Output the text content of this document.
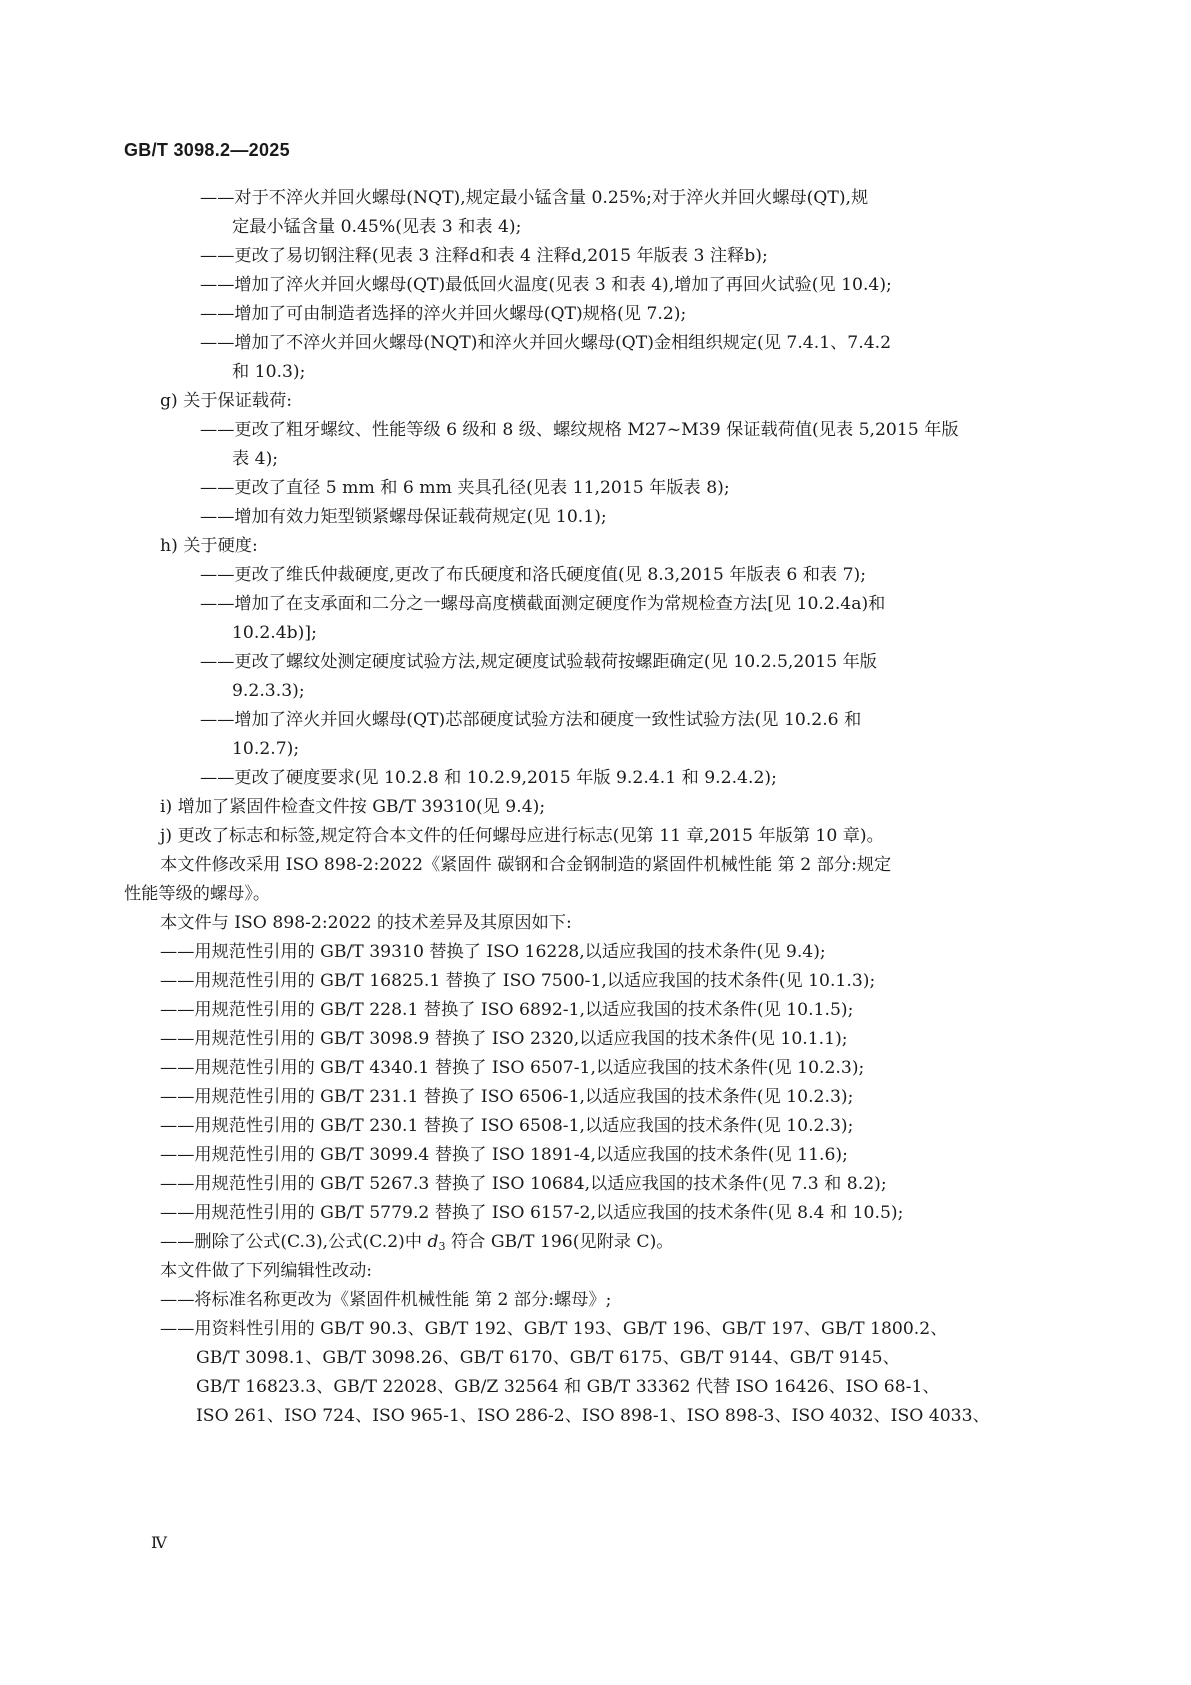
GB/T 3098.2—2025
——对于不淬火并回火螺母(NQT),规定最小锰含量 0.25%;对于淬火并回火螺母(QT),规
定最小锰含量 0.45%(见表 3 和表 4);
——更改了易切钢注释(见表 3 注释d和表 4 注释d,2015 年版表 3 注释b);
——增加了淬火并回火螺母(QT)最低回火温度(见表 3 和表 4),增加了再回火试验(见 10.4);
——增加了可由制造者选择的淬火并回火螺母(QT)规格(见 7.2);
——增加了不淬火并回火螺母(NQT)和淬火并回火螺母(QT)金相组织规定(见 7.4.1、7.4.2
和 10.3);
g) 关于保证载荷:
——更改了粗牙螺纹、性能等级 6 级和 8 级、螺纹规格 M27~M39 保证载荷值(见表 5,2015 年版
表 4);
——更改了直径 5 mm 和 6 mm 夹具孔径(见表 11,2015 年版表 8);
——增加有效力矩型锁紧螺母保证载荷规定(见 10.1);
h) 关于硬度:
——更改了维氏仲裁硬度,更改了布氏硬度和洛氏硬度值(见 8.3,2015 年版表 6 和表 7);
——增加了在支承面和二分之一螺母高度横截面测定硬度作为常规检查方法[见 10.2.4a)和
10.2.4b)];
——更改了螺纹处测定硬度试验方法,规定硬度试验载荷按螺距确定(见 10.2.5,2015 年版
9.2.3.3);
——增加了淬火并回火螺母(QT)芯部硬度试验方法和硬度一致性试验方法(见 10.2.6 和
10.2.7);
——更改了硬度要求(见 10.2.8 和 10.2.9,2015 年版 9.2.4.1 和 9.2.4.2);
i) 增加了紧固件检查文件按 GB/T 39310(见 9.4);
j) 更改了标志和标签,规定符合本文件的任何螺母应进行标志(见第 11 章,2015 年版第 10 章)。
本文件修改采用 ISO 898-2:2022《紧固件 碳钢和合金钢制造的紧固件机械性能 第 2 部分:规定
性能等级的螺母》。
本文件与 ISO 898-2:2022 的技术差异及其原因如下:
——用规范性引用的 GB/T 39310 替换了 ISO 16228,以适应我国的技术条件(见 9.4);
——用规范性引用的 GB/T 16825.1 替换了 ISO 7500-1,以适应我国的技术条件(见 10.1.3);
——用规范性引用的 GB/T 228.1 替换了 ISO 6892-1,以适应我国的技术条件(见 10.1.5);
——用规范性引用的 GB/T 3098.9 替换了 ISO 2320,以适应我国的技术条件(见 10.1.1);
——用规范性引用的 GB/T 4340.1 替换了 ISO 6507-1,以适应我国的技术条件(见 10.2.3);
——用规范性引用的 GB/T 231.1 替换了 ISO 6506-1,以适应我国的技术条件(见 10.2.3);
——用规范性引用的 GB/T 230.1 替换了 ISO 6508-1,以适应我国的技术条件(见 10.2.3);
——用规范性引用的 GB/T 3099.4 替换了 ISO 1891-4,以适应我国的技术条件(见 11.6);
——用规范性引用的 GB/T 5267.3 替换了 ISO 10684,以适应我国的技术条件(见 7.3 和 8.2);
——用规范性引用的 GB/T 5779.2 替换了 ISO 6157-2,以适应我国的技术条件(见 8.4 和 10.5);
——删除了公式(C.3),公式(C.2)中 $d_3$ 符合 GB/T 196(见附录 C)。
本文件做了下列编辑性改动:
——将标准名称更改为《紧固件机械性能 第 2 部分:螺母》;
——用资料性引用的 GB/T 90.3、GB/T 192、GB/T 193、GB/T 196、GB/T 197、GB/T 1800.2、
GB/T 3098.1、GB/T 3098.26、GB/T 6170、GB/T 6175、GB/T 9144、GB/T 9145、
GB/T 16823.3、GB/T 22028、GB/Z 32564 和 GB/T 33362 代替 ISO 16426、ISO 68-1、
ISO 261、ISO 724、ISO 965-1、ISO 286-2、ISO 898-1、ISO 898-3、ISO 4032、ISO 4033、
Ⅳ
